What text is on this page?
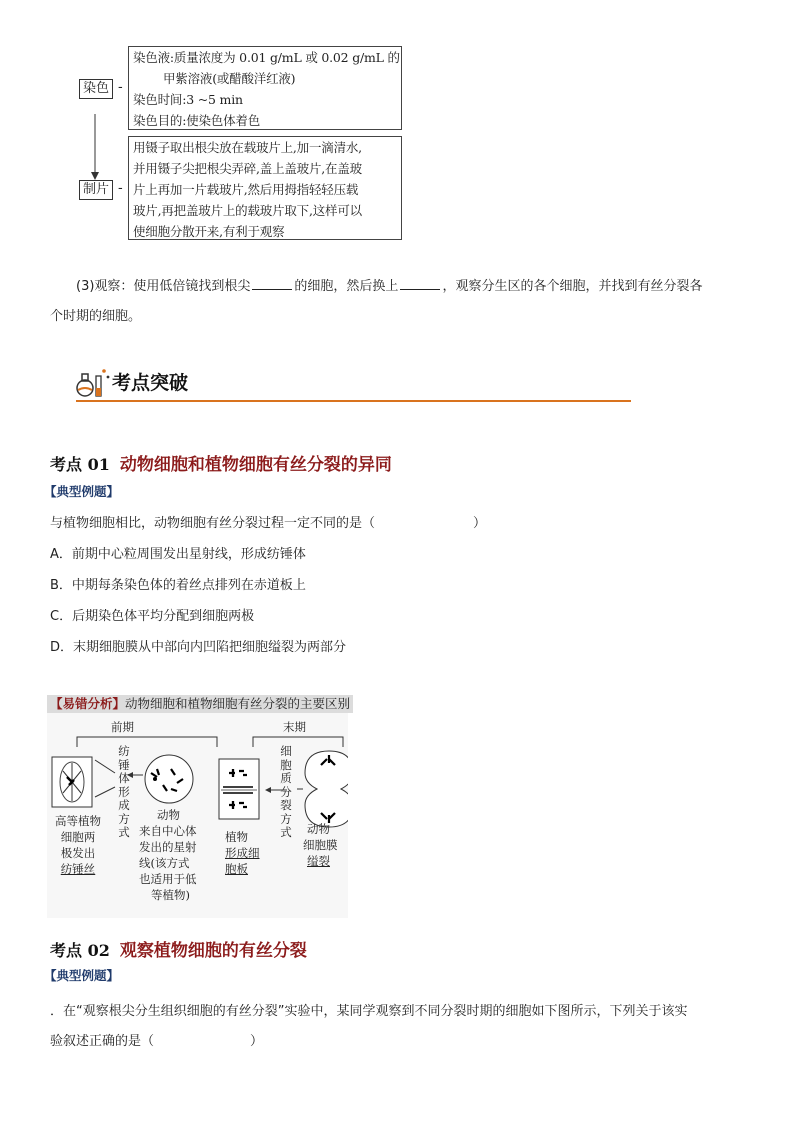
染色 -
染色液:质量浓度为 0.01 g/mL 或 0.02 g/mL 的
甲紫溶液(或醋酸洋红液)
染色时间:3 ~5 min
染色目的:使染色体着色
制片 -
用镊子取出根尖放在载玻片上,加一滴清水,
并用镊子尖把根尖弄碎,盖上盖玻片,在盖玻
片上再加一片载玻片,然后用拇指轻轻压载
玻片,再把盖玻片上的载玻片取下,这样可以
使细胞分散开来,有利于观察
(3)观察：使用低倍镜找到根尖	的细胞，然后换上	，观察分生区的各个细胞，并找到有丝分裂各
个时期的细胞。
考点突破
考点 01 动物细胞和植物细胞有丝分裂的异同
【典型例题】
与植物细胞相比，动物细胞有丝分裂过程一定不同的是（	）
A．前期中心粒周围发出星射线，形成纺锤体
B．中期每条染色体的着丝点排列在赤道板上
C．后期染色体平均分配到细胞两极
D．末期细胞膜从中部向内凹陷把细胞缢裂为两部分
【易错分析】动物细胞和植物细胞有丝分裂的主要区别
前期	末期
纺锤体形成方式
细胞质分裂方式
高等植物
细胞两
极发出
纺锤丝
动物
来自中心体
发出的星射
线(该方式
也适用于低
等植物)
植物
形成细
胞板
动物
细胞膜
缢裂
考点 02 观察植物细胞的有丝分裂
【典型例题】
．在“观察根尖分生组织细胞的有丝分裂”实验中，某同学观察到不同分裂时期的细胞如下图所示，下列关于该实
验叙述正确的是（	）
